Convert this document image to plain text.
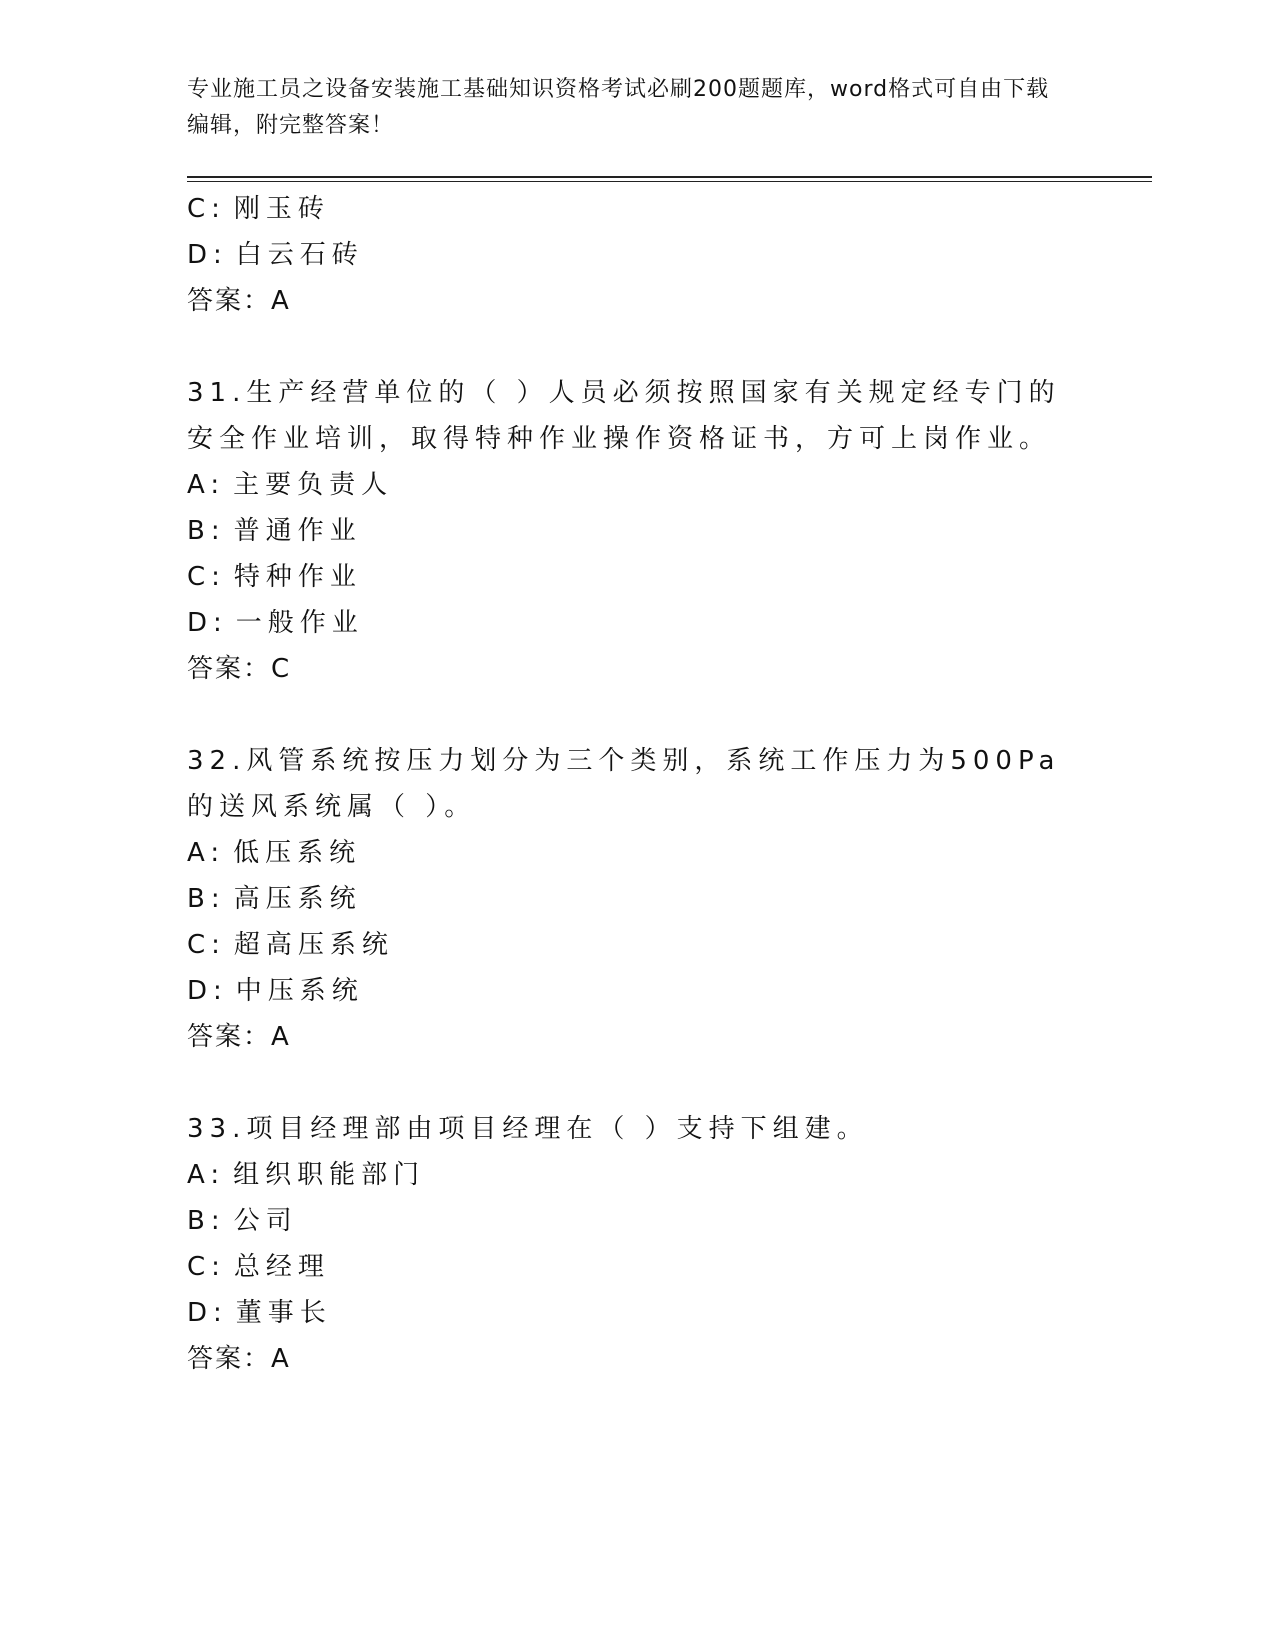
专业施工员之设备安装施工基础知识资格考试必刷200题题库，word格式可自由下载编辑，附完整答案！
C: 刚玉砖
D: 白云石砖
答案：A
31.生产经营单位的（ ）人员必须按照国家有关规定经专门的安全作业培训，取得特种作业操作资格证书，方可上岗作业。
A: 主要负责人
B: 普通作业
C: 特种作业
D: 一般作业
答案：C
32.风管系统按压力划分为三个类别，系统工作压力为500Pa的送风系统属（ ）。
A: 低压系统
B: 高压系统
C: 超高压系统
D: 中压系统
答案：A
33.项目经理部由项目经理在（ ）支持下组建。
A: 组织职能部门
B: 公司
C: 总经理
D: 董事长
答案：A
